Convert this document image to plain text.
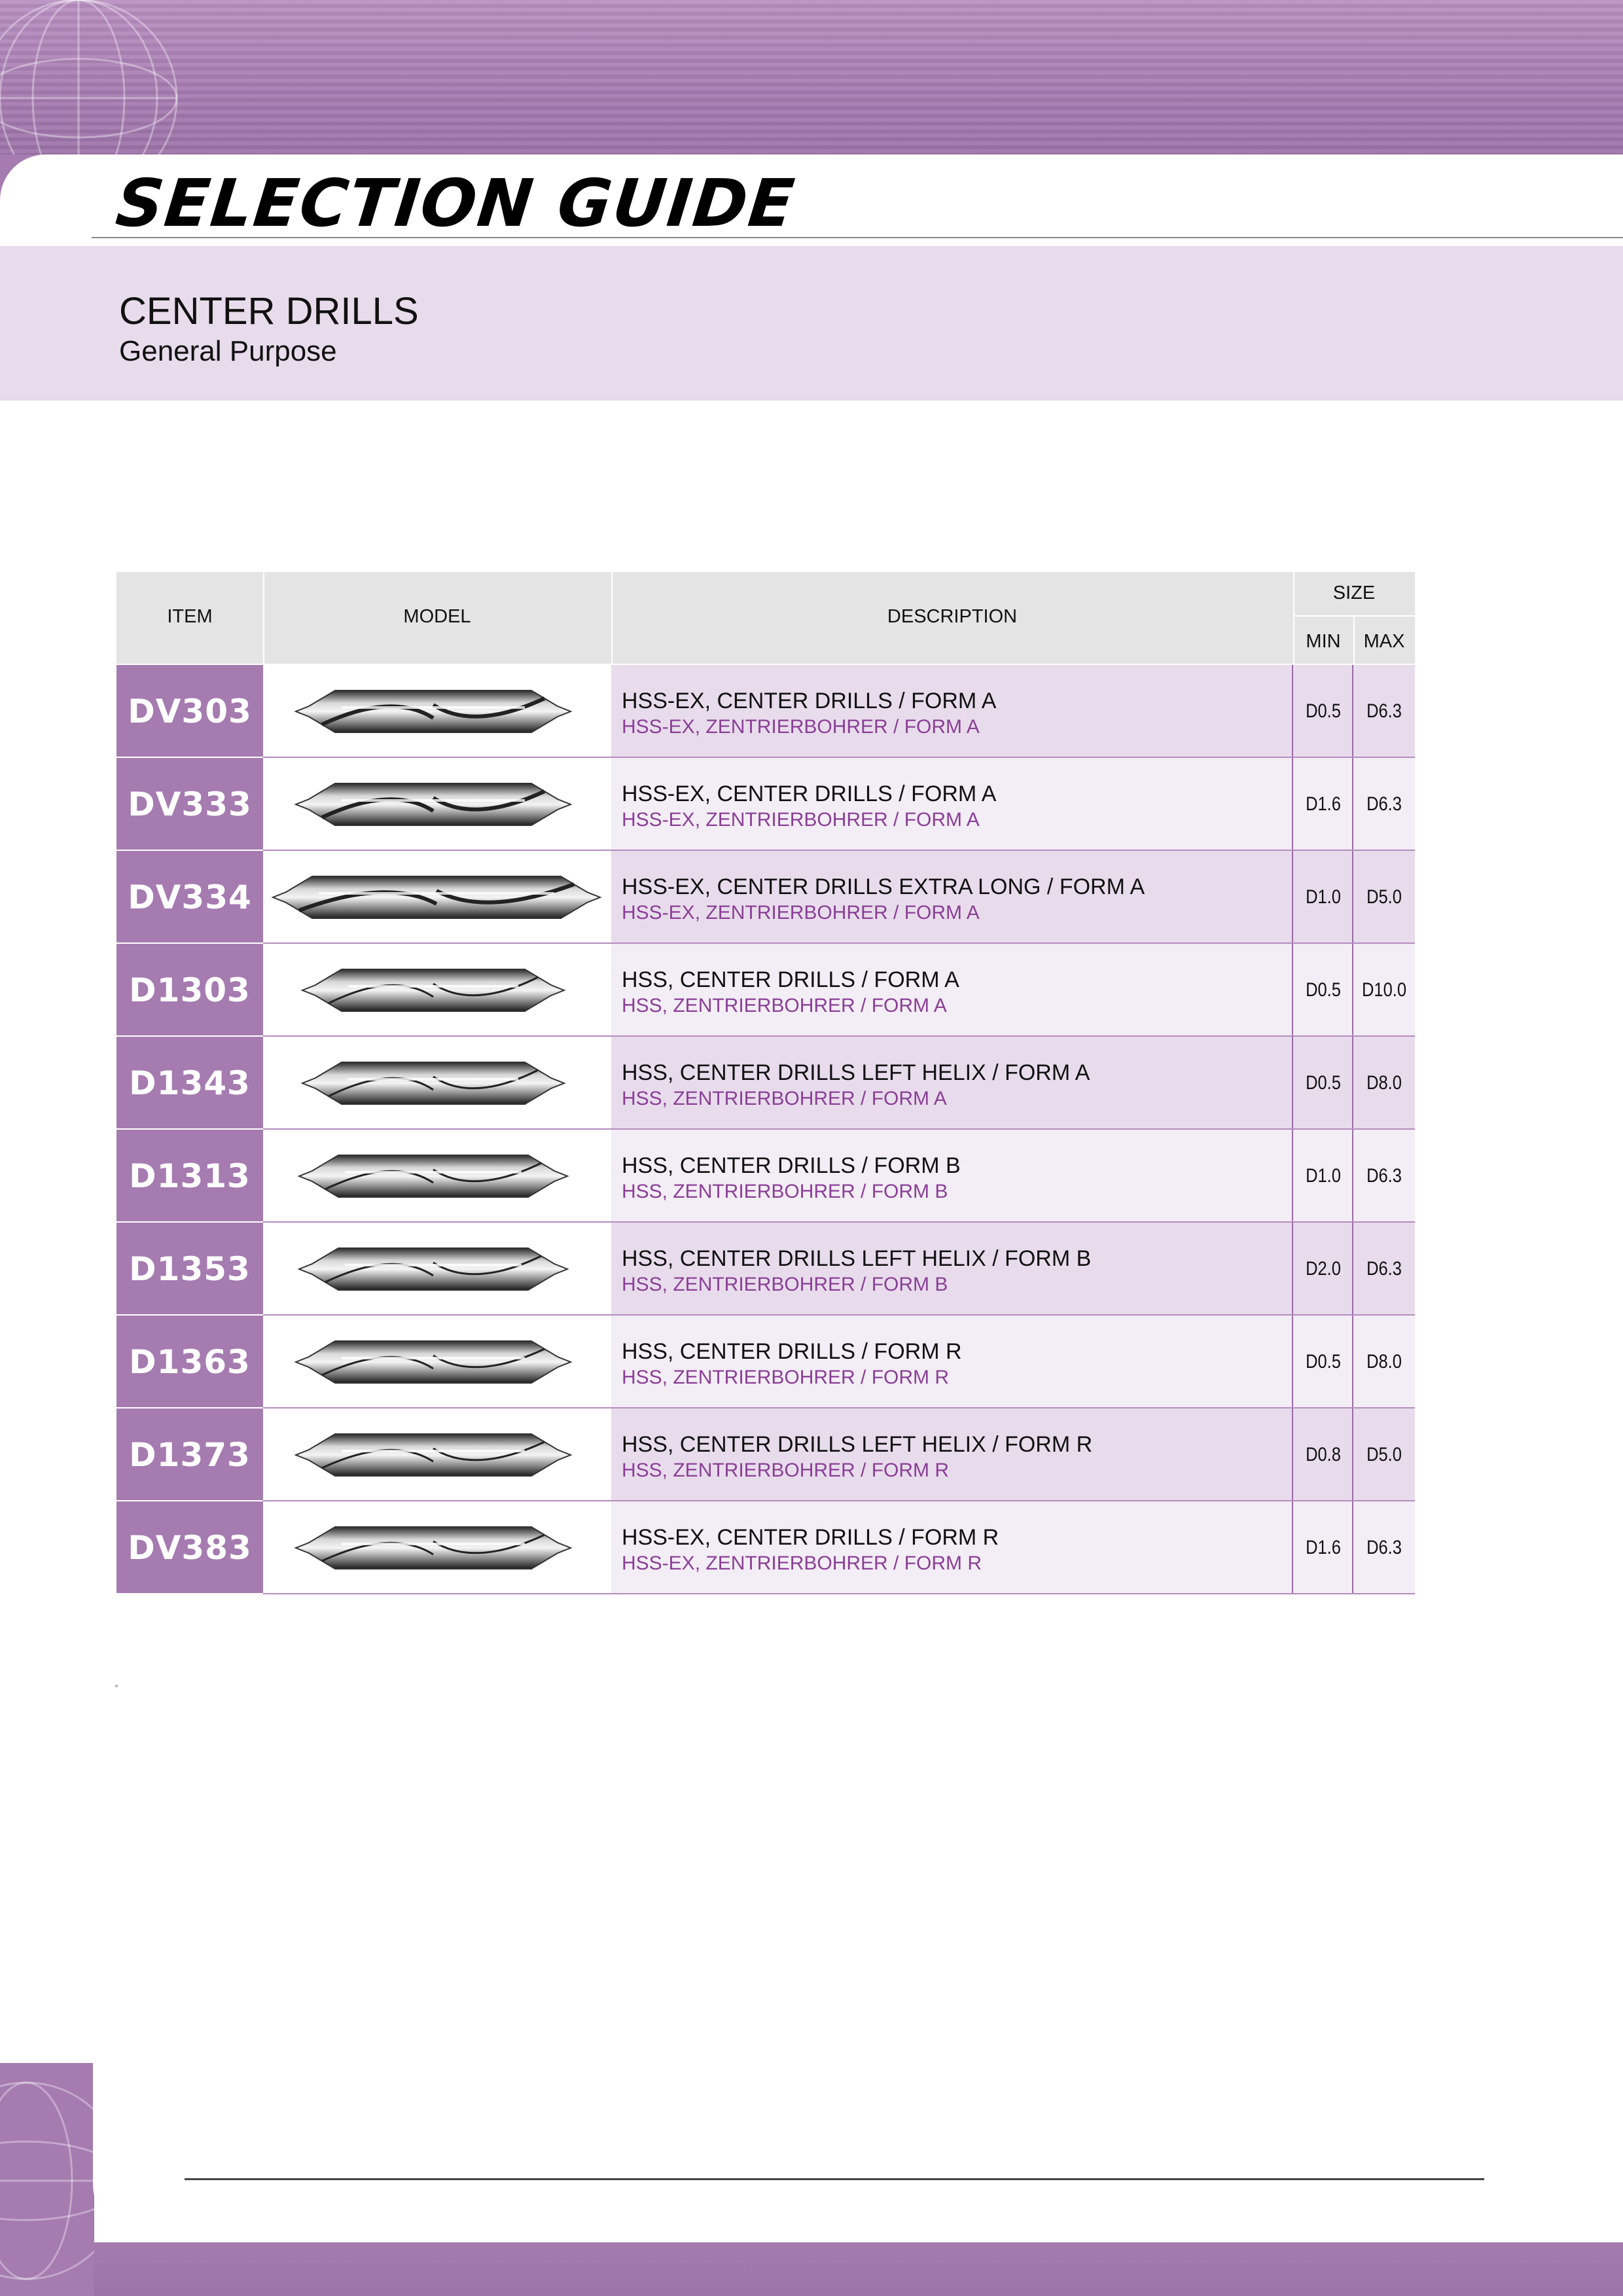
SELECTION GUIDE
CENTER DRILLS
General Purpose
ITEM	MODEL	DESCRIPTION
SIZE
MIN	MAX
DV303	HSS-EX, CENTER DRILLS / FORM A
HSS-EX, ZENTRIERBOHRER / FORM A
D0.5	D6.3
DV333	HSS-EX, CENTER DRILLS / FORM A
HSS-EX, ZENTRIERBOHRER / FORM A
D1.6	D6.3
DV334	HSS-EX, CENTER DRILLS EXTRA LONG / FORM A
HSS-EX, ZENTRIERBOHRER / FORM A
D1.0	D5.0
D1303	HSS, CENTER DRILLS / FORM A
HSS, ZENTRIERBOHRER / FORM A
D0.5	D10.0
D1343	HSS, CENTER DRILLS LEFT HELIX / FORM A
HSS, ZENTRIERBOHRER / FORM A
D0.5	D8.0
D1313	HSS, CENTER DRILLS / FORM B
HSS, ZENTRIERBOHRER / FORM B
D1.0	D6.3
D1353	HSS, CENTER DRILLS LEFT HELIX / FORM B
HSS, ZENTRIERBOHRER / FORM B
D2.0	D6.3
D1363	HSS, CENTER DRILLS / FORM R
HSS, ZENTRIERBOHRER / FORM R
D0.5	D8.0
D1373	HSS, CENTER DRILLS LEFT HELIX / FORM R
HSS, ZENTRIERBOHRER / FORM R
D0.8	D5.0
DV383	HSS-EX, CENTER DRILLS / FORM R
HSS-EX, ZENTRIERBOHRER / FORM R
D1.6	D6.3
